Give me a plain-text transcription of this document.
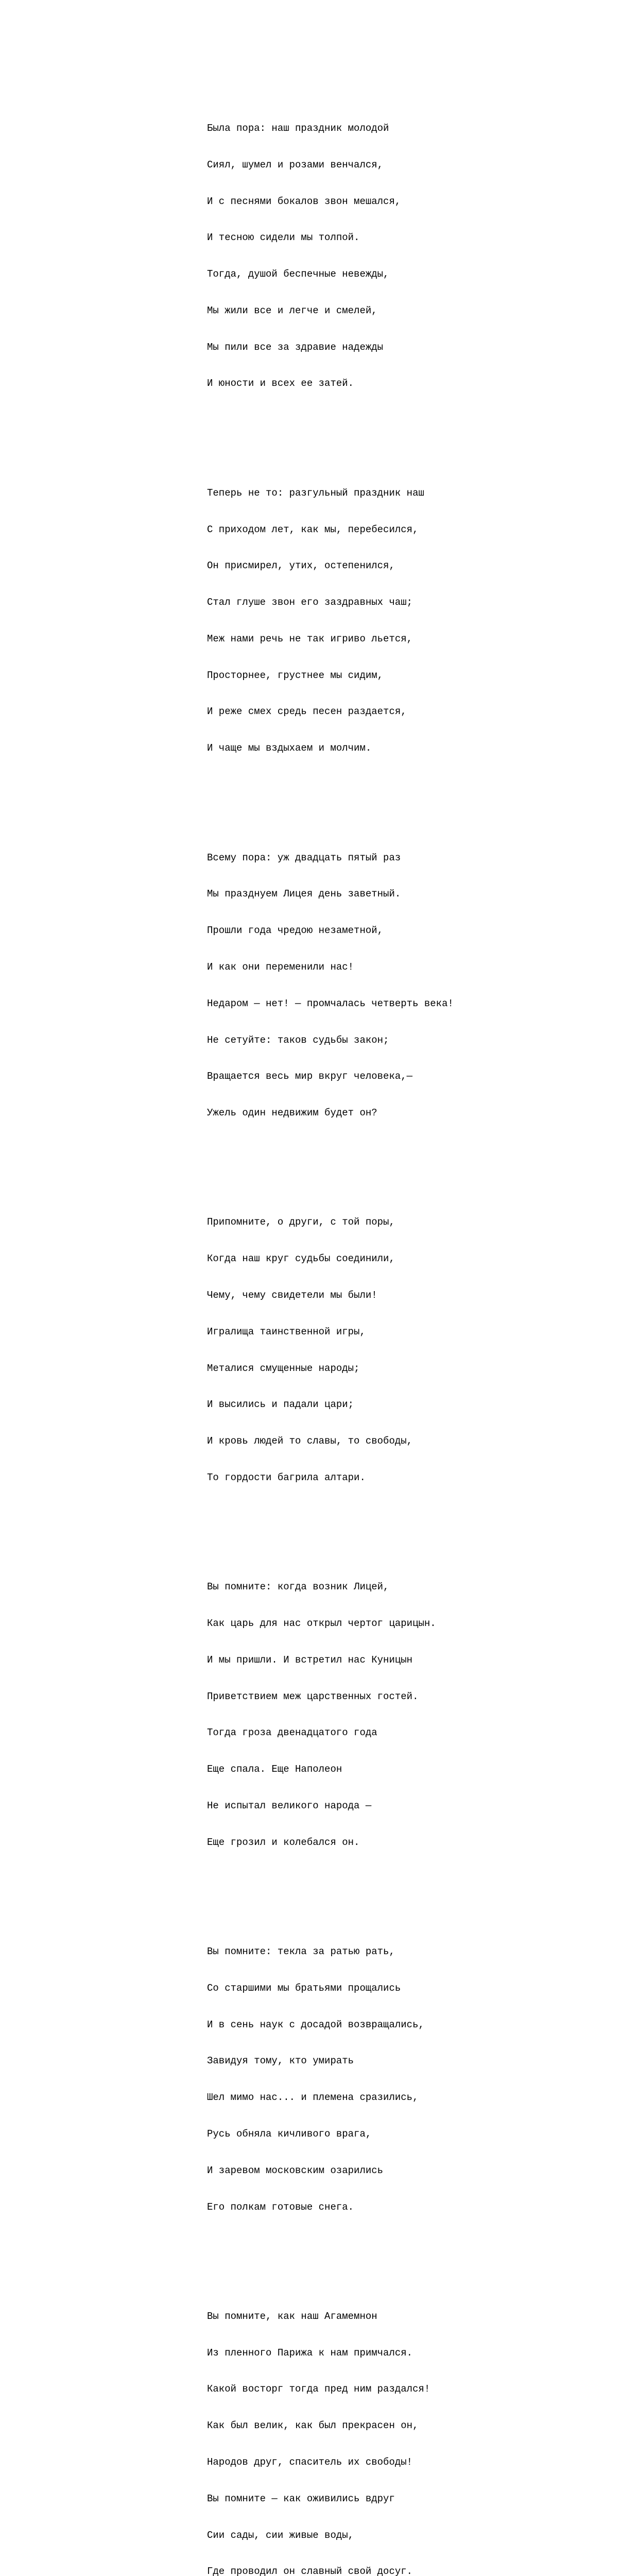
Была пора: наш праздник молодой

Сиял, шумел и розами венчался,

И с песнями бокалов звон мешался,

И тесною сидели мы толпой.

Тогда, душой беспечные невежды,

Мы жили все и легче и смелей,

Мы пили все за здравие надежды

И юности и всех ее затей.

Теперь не то: разгульный праздник наш

С приходом лет, как мы, перебесился,

Он присмирел, утих, остепенился,

Стал глуше звон его заздравных чаш;

Меж нами речь не так игриво льется,

Просторнее, грустнее мы сидим,

И реже смех средь песен раздается,

И чаще мы вздыхаем и молчим.

Всему пора: уж двадцать пятый раз

Мы празднуем Лицея день заветный.

Прошли года чредою незаметной,

И как они переменили нас!

Недаром — нет! — промчалась четверть века!

Не сетуйте: таков судьбы закон;

Вращается весь мир вкруг человека,—

Ужель один недвижим будет он?

Припомните, о други, с той поры,

Когда наш круг судьбы соединили,

Чему, чему свидетели мы были!

Игралища таинственной игры,

Металися смущенные народы;

И высились и падали цари;

И кровь людей то славы, то свободы,

То гордости багрила алтари.

Вы помните: когда возник Лицей,

Как царь для нас открыл чертог царицын.

И мы пришли. И встретил нас Куницын

Приветствием меж царственных гостей.

Тогда гроза двенадцатого года

Еще спала. Еще Наполеон

Не испытал великого народа —

Еще грозил и колебался он.

Вы помните: текла за ратью рать,

Со старшими мы братьями прощались

И в сень наук с досадой возвращались,

Завидуя тому, кто умирать

Шел мимо нас... и племена сразились,

Русь обняла кичливого врага,

И заревом московским озарились

Его полкам готовые снега.

Вы помните, как наш Агамемнон

Из пленного Парижа к нам примчался.

Какой восторг тогда пред ним раздался!

Как был велик, как был прекрасен он,

Народов друг, спаситель их свободы!

Вы помните — как оживились вдруг

Сии сады, сии живые воды,

Где проводил он славный свой досуг.
